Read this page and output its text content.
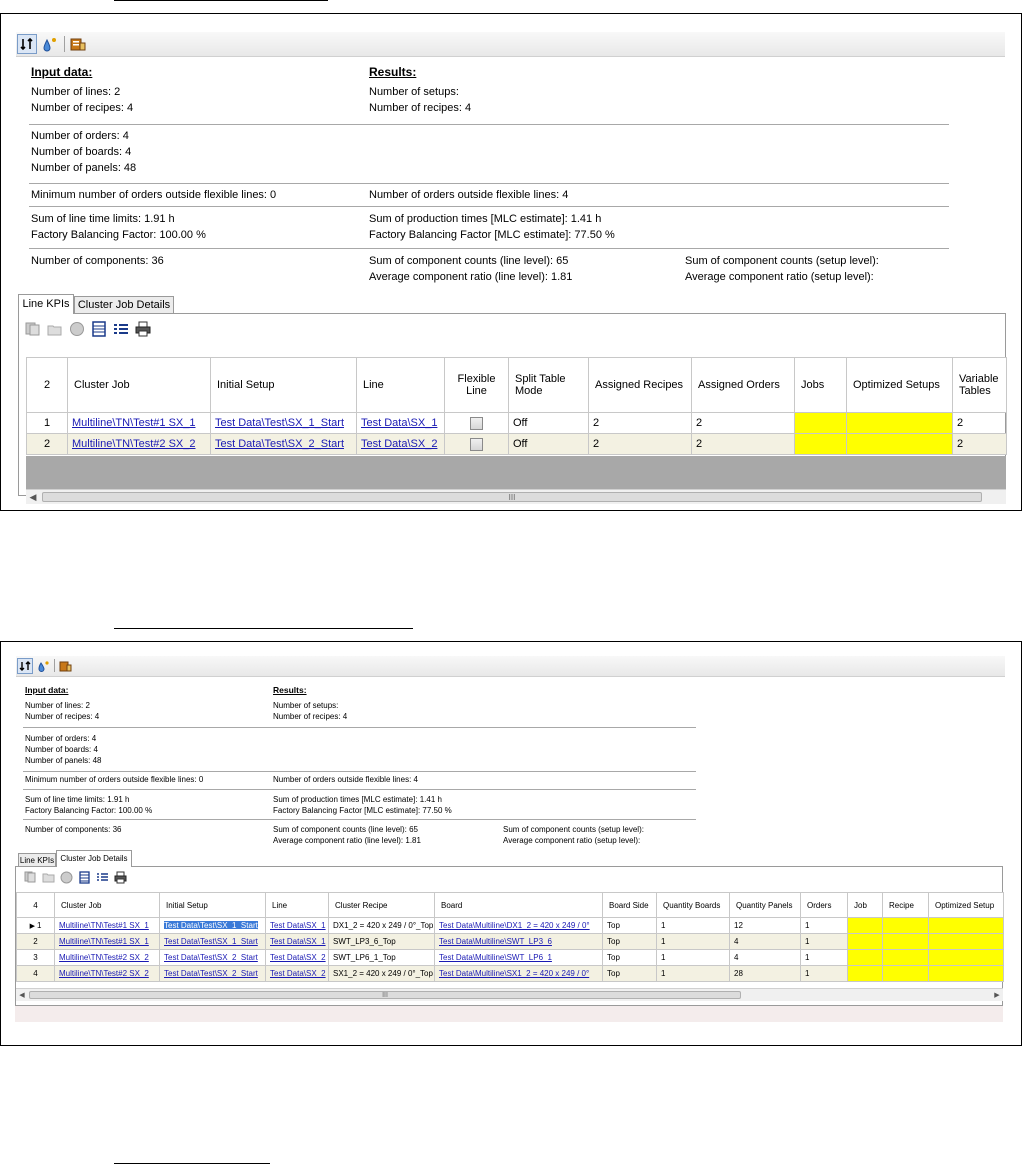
Input data:	Results:
Number of lines: 2	Number of setups:
Number of recipes: 4	Number of recipes: 4
Number of orders: 4
Number of boards: 4
Number of panels: 48
Minimum number of orders outside flexible lines: 0	Number of orders outside flexible lines: 4
Sum of line time limits: 1.91 h	Sum of production times [MLC estimate]: 1.41 h
Factory Balancing Factor: 100.00 %	Factory Balancing Factor [MLC estimate]: 77.50 %
Number of components: 36	Sum of component counts (line level): 65
Average component ratio (line level): 1.81
Sum of component counts (setup level):
Average component ratio (setup level):
Line KPIs Cluster Job Details
2	Cluster Job	Initial Setup	Line	Flexible Line	Split Table Mode	Assigned Recipes	Assigned Orders	Jobs	Optimized Setups	Variable Tables
1	Multiline\TN\Test#1 SX_1	Test Data\Test\SX_1_Start	Test Data\SX_1		Off	2	2			2
2	Multiline\TN\Test#2 SX_2	Test Data\Test\SX_2_Start	Test Data\SX_2		Off	2	2			2
◀	III
Input data:	Results:
Number of lines: 2	Number of setups:
Number of recipes: 4	Number of recipes: 4
Number of orders: 4
Number of boards: 4
Number of panels: 48
Minimum number of orders outside flexible lines: 0	Number of orders outside flexible lines: 4
Sum of line time limits: 1.91 h	Sum of production times [MLC estimate]: 1.41 h
Factory Balancing Factor: 100.00 %	Factory Balancing Factor [MLC estimate]: 77.50 %
Number of components: 36	Sum of component counts (line level): 65
Average component ratio (line level): 1.81
Sum of component counts (setup level):
Average component ratio (setup level):
Line KPIs Cluster Job Details
4	Cluster Job	Initial Setup	Line	Cluster Recipe	Board	Board Side	Quantity Boards	Quantity Panels	Orders	Job	Recipe	Optimized Setup
▶ 1	Multiline\TN\Test#1 SX_1	Test Data\Test\SX_1_Start	Test Data\SX_1	DX1_2 = 420 x 249 / 0°_Top	Test Data\Multiline\DX1_2 = 420 x 249 / 0°	Top	1	12	1			
2	Multiline\TN\Test#1 SX_1	Test Data\Test\SX_1_Start	Test Data\SX_1	SWT_LP3_6_Top	Test Data\Multiline\SWT_LP3_6	Top	1	4	1			
3	Multiline\TN\Test#2 SX_2	Test Data\Test\SX_2_Start	Test Data\SX_2	SWT_LP6_1_Top	Test Data\Multiline\SWT_LP6_1	Top	1	4	1			
4	Multiline\TN\Test#2 SX_2	Test Data\Test\SX_2_Start	Test Data\SX_2	SX1_2 = 420 x 249 / 0°_Top	Test Data\Multiline\SX1_2 = 420 x 249 / 0°	Top	1	28	1			
◀	III	▶
